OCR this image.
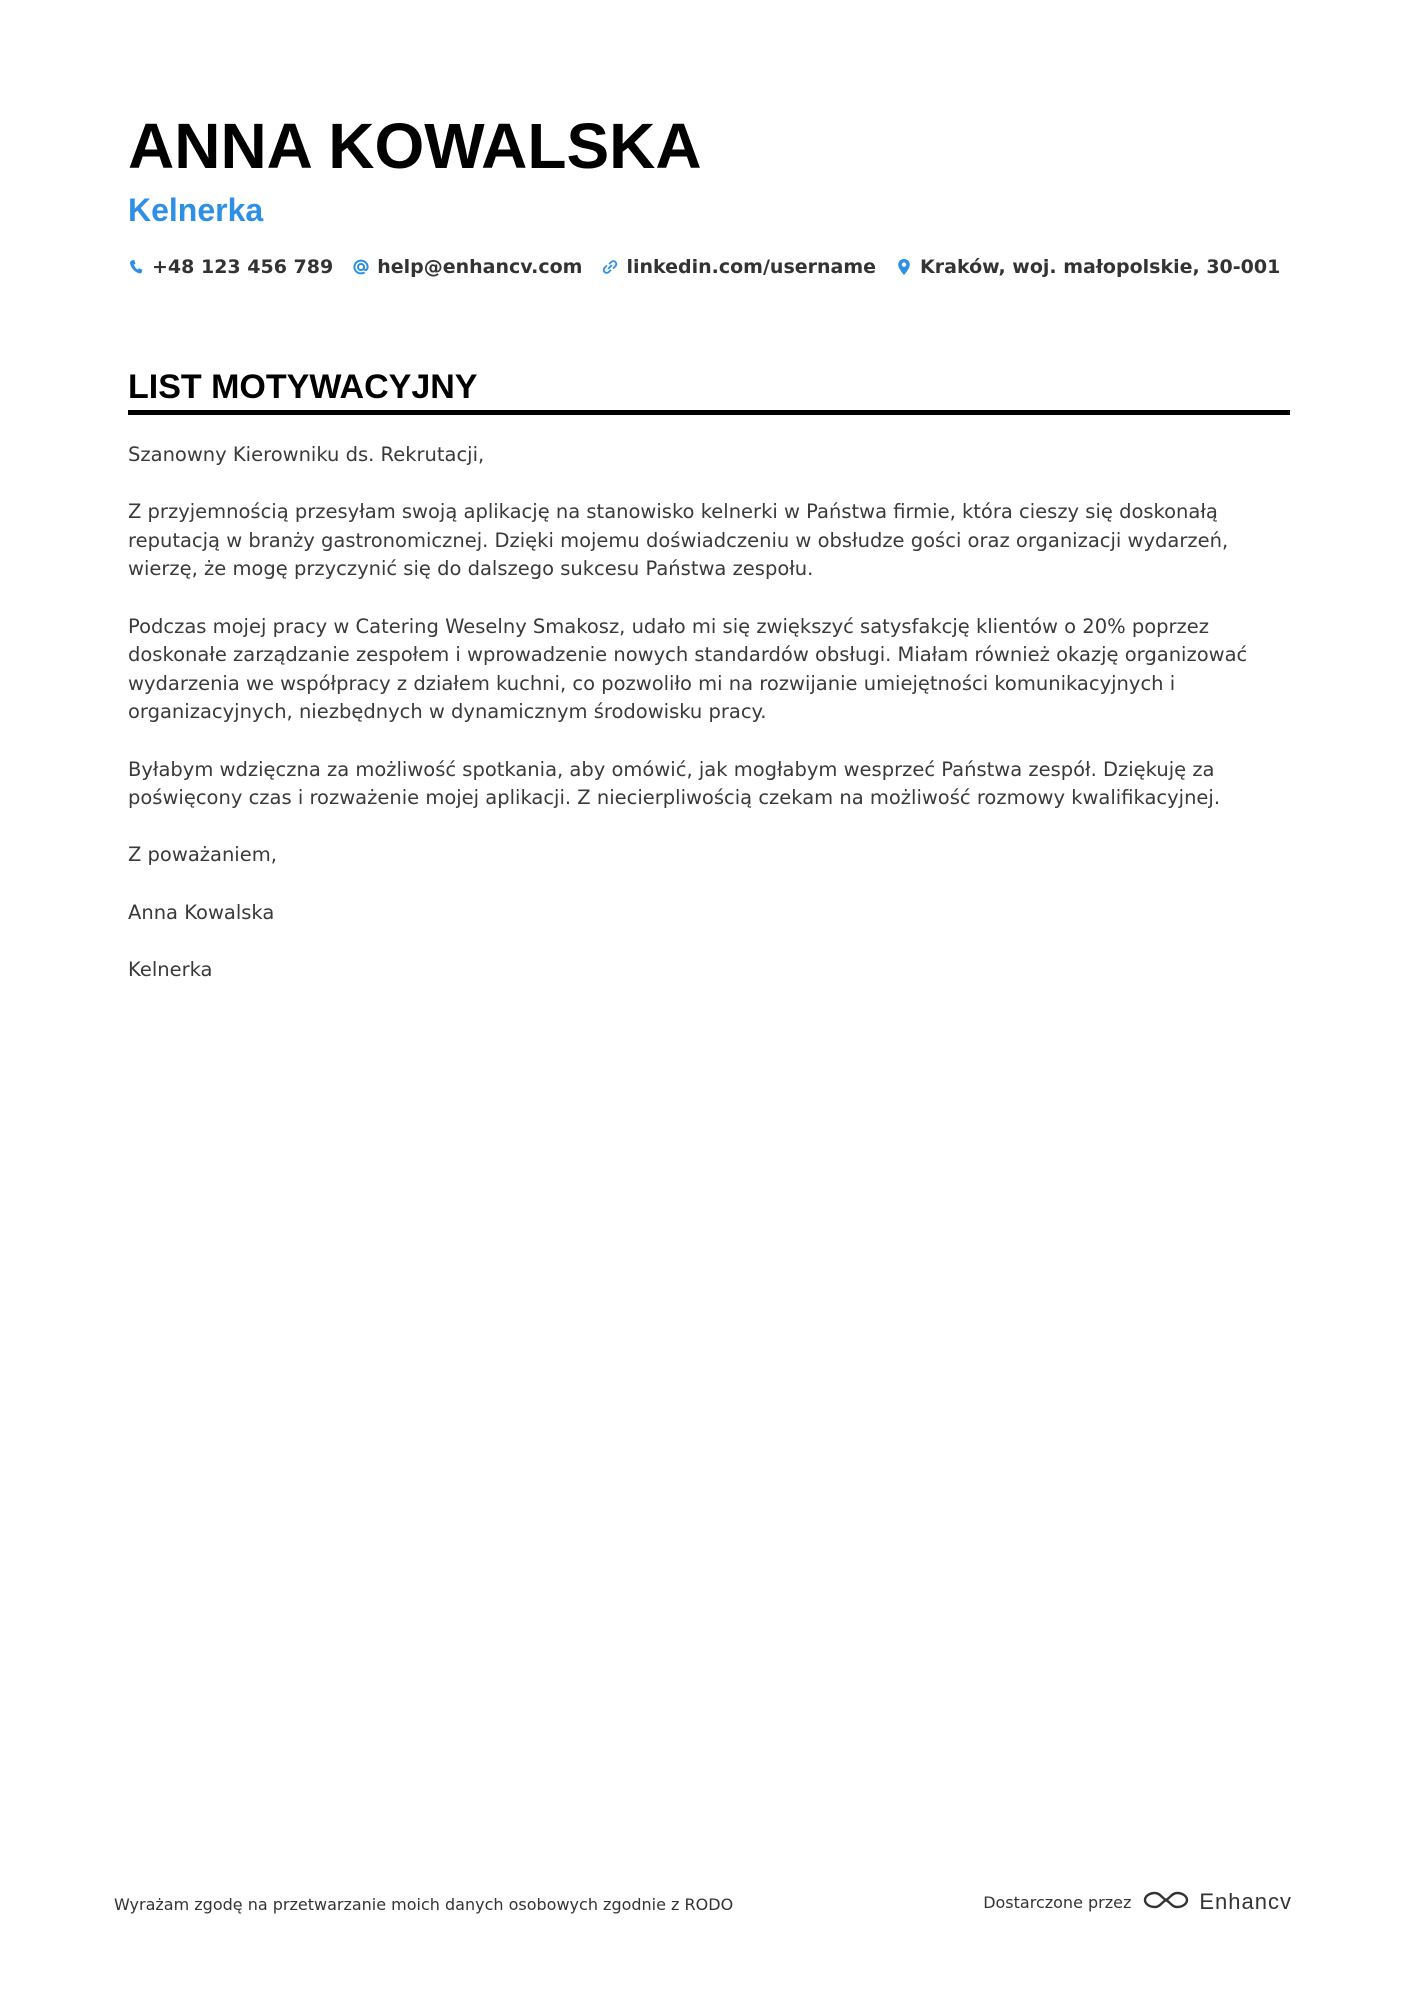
ANNA KOWALSKA
Kelnerka
+48 123 456 789 help@enhancv.com linkedin.com/username Kraków, woj. małopolskie, 30-001
LIST MOTYWACYJNY

Szanowny Kierowniku ds. Rekrutacji,

Z przyjemnością przesyłam swoją aplikację na stanowisko kelnerki w Państwa firmie, która cieszy się doskonałą reputacją w branży gastronomicznej. Dzięki mojemu doświadczeniu w obsłudze gości oraz organizacji wydarzeń, wierzę, że mogę przyczynić się do dalszego sukcesu Państwa zespołu.

Podczas mojej pracy w Catering Weselny Smakosz, udało mi się zwiększyć satysfakcję klientów o 20% poprzez doskonałe zarządzanie zespołem i wprowadzenie nowych standardów obsługi. Miałam również okazję organizować wydarzenia we współpracy z działem kuchni, co pozwoliło mi na rozwijanie umiejętności komunikacyjnych i organizacyjnych, niezbędnych w dynamicznym środowisku pracy.

Byłabym wdzięczna za możliwość spotkania, aby omówić, jak mogłabym wesprzeć Państwa zespół. Dziękuję za poświęcony czas i rozważenie mojej aplikacji. Z niecierpliwością czekam na możliwość rozmowy kwalifikacyjnej.

Z poważaniem,

Anna Kowalska

Kelnerka

Wyrażam zgodę na przetwarzanie moich danych osobowych zgodnie z RODO	Dostarczone przez	Enhancv
